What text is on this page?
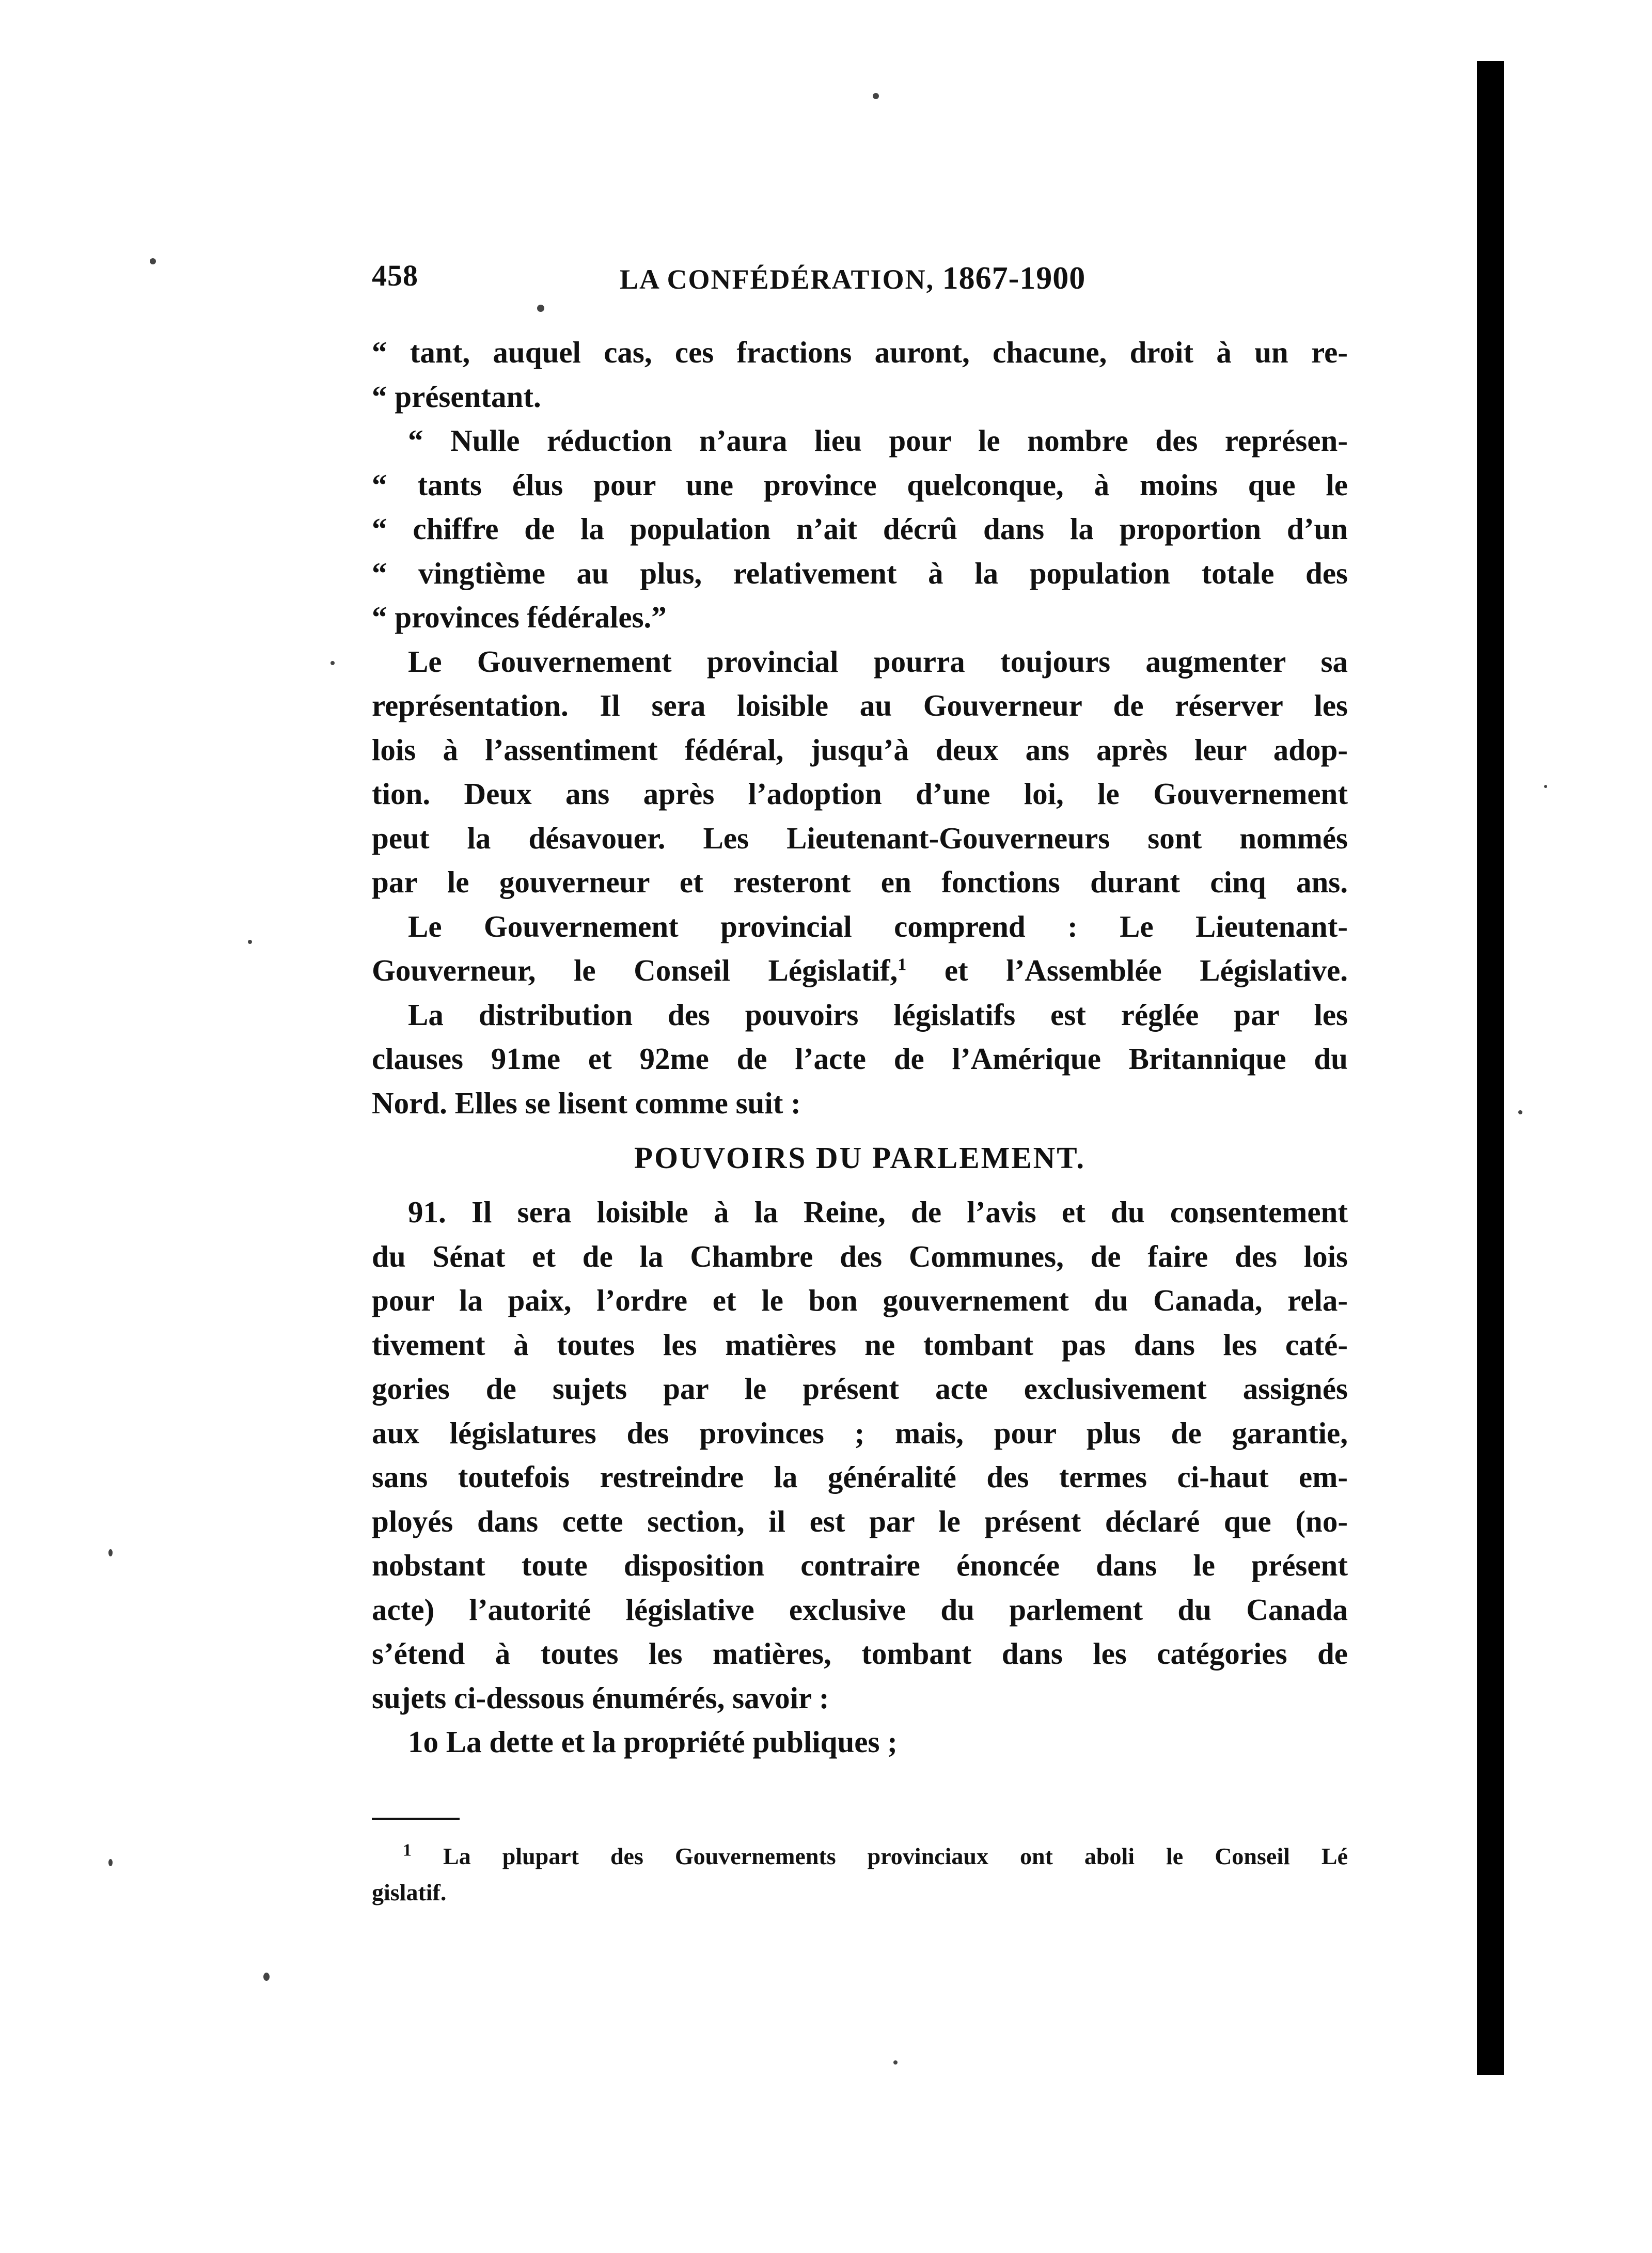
458	LA CONFÉDÉRATION, 1867-1900
“ tant, auquel cas, ces fractions auront, chacune, droit à un re-
“ présentant.
“ Nulle réduction n’aura lieu pour le nombre des représen-
“ tants élus pour une province quelconque, à moins que le
“ chiffre de la population n’ait décrû dans la proportion d’un
“ vingtième au plus, relativement à la population totale des
“ provinces fédérales.”
Le Gouvernement provincial pourra toujours augmenter sa
représentation. Il sera loisible au Gouverneur de réserver les
lois à l’assentiment fédéral, jusqu’à deux ans après leur adop-
tion. Deux ans après l’adoption d’une loi, le Gouvernement
peut la désavouer. Les Lieutenant-Gouverneurs sont nommés
par le gouverneur et resteront en fonctions durant cinq ans.
Le Gouvernement provincial comprend : Le Lieutenant-
Gouverneur, le Conseil Législatif,$^1$ et l’Assemblée Législative.
La distribution des pouvoirs législatifs est réglée par les
clauses 91me et 92me de l’acte de l’Amérique Britannique du
Nord. Elles se lisent comme suit :
POUVOIRS DU PARLEMENT.
91. Il sera loisible à la Reine, de l’avis et du consentement
du Sénat et de la Chambre des Communes, de faire des lois
pour la paix, l’ordre et le bon gouvernement du Canada, rela-
tivement à toutes les matières ne tombant pas dans les caté-
gories de sujets par le présent acte exclusivement assignés
aux législatures des provinces ; mais, pour plus de garantie,
sans toutefois restreindre la généralité des termes ci-haut em-
ployés dans cette section, il est par le présent déclaré que (no-
nobstant toute disposition contraire énoncée dans le présent
acte) l’autorité législative exclusive du parlement du Canada
s’étend à toutes les matières, tombant dans les catégories de
sujets ci-dessous énumérés, savoir :
1o La dette et la propriété publiques ;
$^1$ La plupart des Gouvernements provinciaux ont aboli le Conseil Lé
gislatif.
